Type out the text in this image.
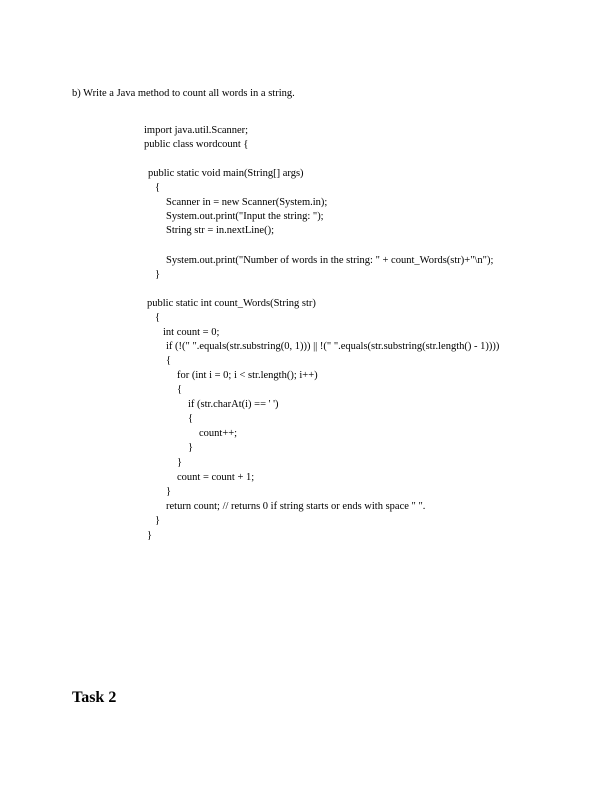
b) Write a Java method to count all words in a string.
import java.util.Scanner;
public class wordcount {
public static void main(String[] args)
{
Scanner in = new Scanner(System.in);
System.out.print("Input the string: ");
String str = in.nextLine();
System.out.print("Number of words in the string: " + count_Words(str)+"\n");
}
public static int count_Words(String str)
{
int count = 0;
if (!(" ".equals(str.substring(0, 1))) || !(" ".equals(str.substring(str.length() - 1))))
{
for (int i = 0; i < str.length(); i++)
{
if (str.charAt(i) == ' ')
{
count++;
}
}
count = count + 1;
}
return count; // returns 0 if string starts or ends with space " ".
}
}
Task 2
